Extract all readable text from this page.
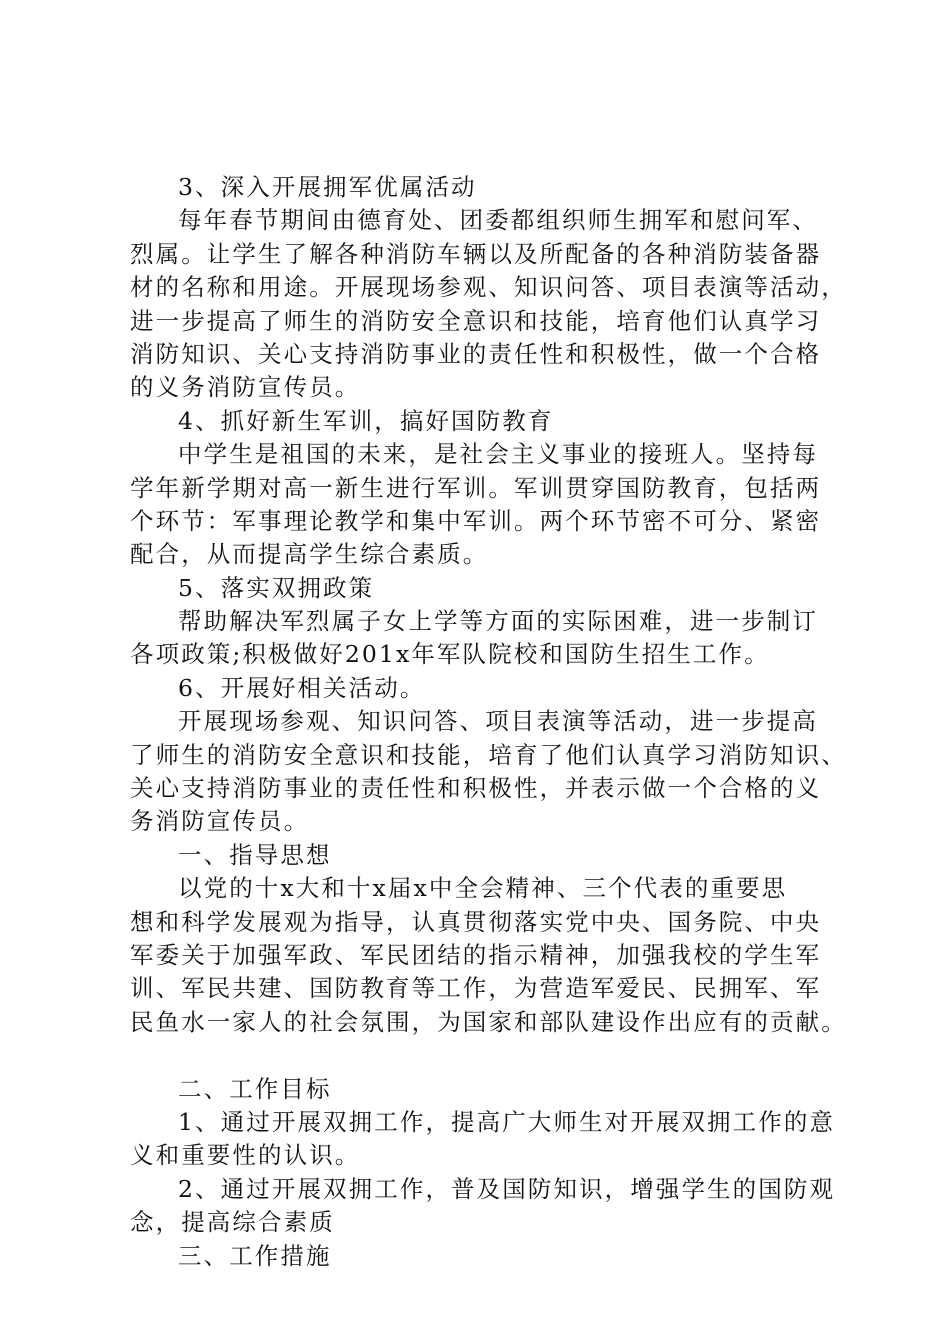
3、深入开展拥军优属活动
每年春节期间由德育处、团委都组织师生拥军和慰问军、
烈属。让学生了解各种消防车辆以及所配备的各种消防装备器
材的名称和用途。开展现场参观、知识问答、项目表演等活动，
进一步提高了师生的消防安全意识和技能，培育他们认真学习
消防知识、关心支持消防事业的责任性和积极性，做一个合格
的义务消防宣传员。
4、抓好新生军训，搞好国防教育
中学生是祖国的未来，是社会主义事业的接班人。坚持每
学年新学期对高一新生进行军训。军训贯穿国防教育，包括两
个环节：军事理论教学和集中军训。两个环节密不可分、紧密
配合，从而提高学生综合素质。
5、落实双拥政策
帮助解决军烈属子女上学等方面的实际困难，进一步制订
各项政策;积极做好201x年军队院校和国防生招生工作。
6、开展好相关活动。
开展现场参观、知识问答、项目表演等活动，进一步提高
了师生的消防安全意识和技能，培育了他们认真学习消防知识、
关心支持消防事业的责任性和积极性，并表示做一个合格的义
务消防宣传员。
一、指导思想
以党的十x大和十x届x中全会精神、三个代表的重要思
想和科学发展观为指导，认真贯彻落实党中央、国务院、中央
军委关于加强军政、军民团结的指示精神，加强我校的学生军
训、军民共建、国防教育等工作，为营造军爱民、民拥军、军
民鱼水一家人的社会氛围，为国家和部队建设作出应有的贡献。
二、工作目标
1、通过开展双拥工作，提高广大师生对开展双拥工作的意
义和重要性的认识。
2、通过开展双拥工作，普及国防知识，增强学生的国防观
念，提高综合素质
三、工作措施
